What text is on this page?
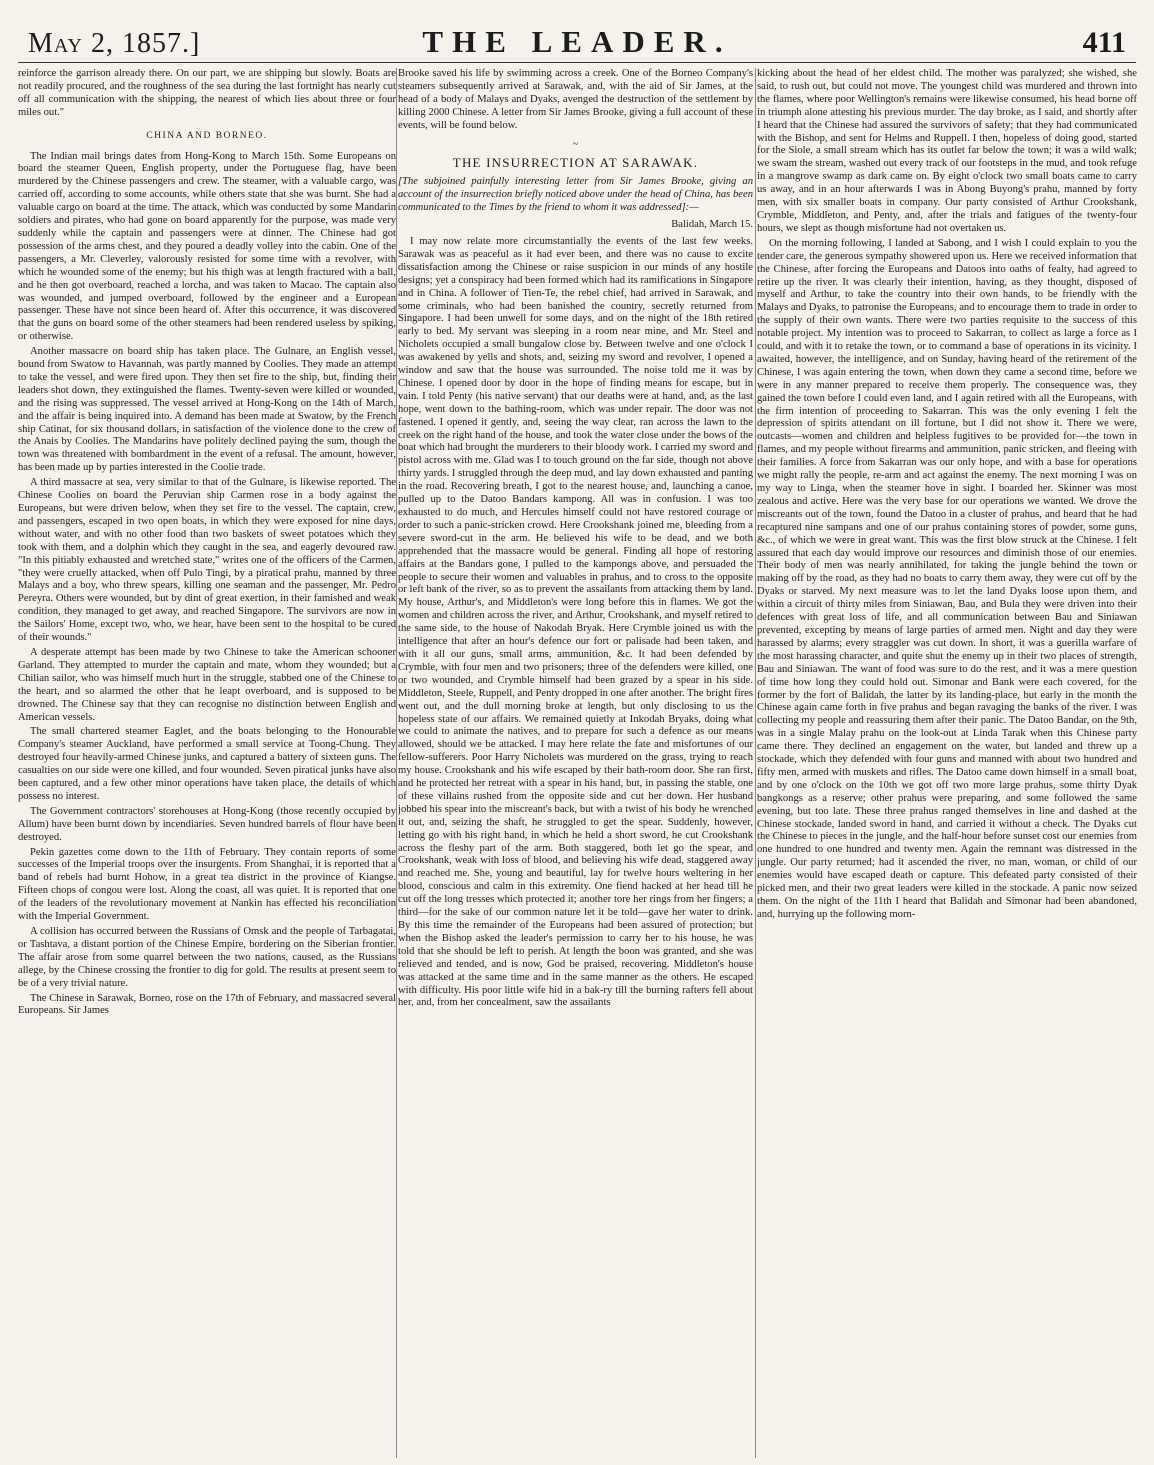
May 2, 1857.]	THE LEADER.	411

reinforce the garrison already there. On our part, we are shipping but slowly. Boats are not readily procured, and the roughness of the sea during the last fortnight has nearly cut off all communication with the shipping, the nearest of which lies about three or four miles out."

CHINA AND BORNEO.

The Indian mail brings dates from Hong-Kong to March 15th. Some Europeans on board the steamer Queen, English property, under the Portuguese flag, have been murdered by the Chinese passengers and crew. The steamer, with a valuable cargo, was carried off, according to some accounts, while others state that she was burnt. She had a valuable cargo on board at the time. The attack, which was conducted by some Mandarin soldiers and pirates, who had gone on board apparently for the purpose, was made very suddenly while the captain and passengers were at dinner. The Chinese had got possession of the arms chest, and they poured a deadly volley into the cabin. One of the passengers, a Mr. Cleverley, valorously resisted for some time with a revolver, with which he wounded some of the enemy; but his thigh was at length fractured with a ball, and he then got overboard, reached a lorcha, and was taken to Macao. The captain also was wounded, and jumped overboard, followed by the engineer and a European passenger. These have not since been heard of. After this occurrence, it was discovered that the guns on board some of the other steamers had been rendered useless by spiking, or otherwise.

Another massacre on board ship has taken place. The Gulnare, an English vessel, bound from Swatow to Havannah, was partly manned by Coolies. They made an attempt to take the vessel, and were fired upon. They then set fire to the ship, but, finding their leaders shot down, they extinguished the flames. Twenty-seven were killed or wounded, and the rising was suppressed. The vessel arrived at Hong-Kong on the 14th of March, and the affair is being inquired into. A demand has been made at Swatow, by the French ship Catinat, for six thousand dollars, in satisfaction of the violence done to the crew of the Anais by Coolies. The Mandarins have politely declined paying the sum, though the town was threatened with bombardment in the event of a refusal. The amount, however, has been made up by parties interested in the Coolie trade.

A third massacre at sea, very similar to that of the Gulnare, is likewise reported. The Chinese Coolies on board the Peruvian ship Carmen rose in a body against the Europeans, but were driven below, when they set fire to the vessel. The captain, crew, and passengers, escaped in two open boats, in which they were exposed for nine days, without water, and with no other food than two baskets of sweet potatoes which they took with them, and a dolphin which they caught in the sea, and eagerly devoured raw. "In this pitiably exhausted and wretched state," writes one of the officers of the Carmen, "they were cruelly attacked, when off Pulo Tingi, by a piratical prahu, manned by three Malays and a boy, who threw spears, killing one seaman and the passenger, Mr. Pedro Pereyra. Others were wounded, but by dint of great exertion, in their famished and weak condition, they managed to get away, and reached Singapore. The survivors are now in the Sailors' Home, except two, who, we hear, have been sent to the hospital to be cured of their wounds."

A desperate attempt has been made by two Chinese to take the American schooner Garland. They attempted to murder the captain and mate, whom they wounded; but a Chilian sailor, who was himself much hurt in the struggle, stabbed one of the Chinese to the heart, and so alarmed the other that he leapt overboard, and is supposed to be drowned. The Chinese say that they can recognise no distinction between English and American vessels.

The small chartered steamer Eaglet, and the boats belonging to the Honourable Company's steamer Auckland, have performed a small service at Toong-Chung. They destroyed four heavily-armed Chinese junks, and captured a battery of sixteen guns. The casualties on our side were one killed, and four wounded. Seven piratical junks have also been captured, and a few other minor operations have taken place, the details of which possess no interest.

The Government contractors' storehouses at Hong-Kong (those recently occupied by Allum) have been burnt down by incendiaries. Seven hundred barrels of flour have been destroyed.

Pekin gazettes come down to the 11th of February. They contain reports of some successes of the Imperial troops over the insurgents. From Shanghai, it is reported that a band of rebels had burnt Hohow, in a great tea district in the province of Kiangse. Fifteen chops of congou were lost. Along the coast, all was quiet. It is reported that one of the leaders of the revolutionary movement at Nankin has effected his reconciliation with the Imperial Government.

A collision has occurred between the Russians of Omsk and the people of Tarbagatai, or Tashtava, a distant portion of the Chinese Empire, bordering on the Siberian frontier. The affair arose from some quarrel between the two nations, caused, as the Russians allege, by the Chinese crossing the frontier to dig for gold. The results at present seem to be of a very trivial nature.

The Chinese in Sarawak, Borneo, rose on the 17th of February, and massacred several Europeans. Sir James

Brooke saved his life by swimming across a creek. One of the Borneo Company's steamers subsequently arrived at Sarawak, and, with the aid of Sir James, at the head of a body of Malays and Dyaks, avenged the destruction of the settlement by killing 2000 Chinese. A letter from Sir James Brooke, giving a full account of these events, will be found below.

~
THE INSURRECTION AT SARAWAK.

[The subjoined painfully interesting letter from Sir James Brooke, giving an account of the insurrection briefly noticed above under the head of China, has been communicated to the Times by the friend to whom it was addressed]:—

Balidah, March 15.

I may now relate more circumstantially the events of the last few weeks. Sarawak was as peaceful as it had ever been, and there was no cause to excite dissatisfaction among the Chinese or raise suspicion in our minds of any hostile designs; yet a conspiracy had been formed which had its ramifications in Singapore and in China. A follower of Tien-Te, the rebel chief, had arrived in Sarawak, and some criminals, who had been banished the country, secretly returned from Singapore. I had been unwell for some days, and on the night of the 18th retired early to bed. My servant was sleeping in a room near mine, and Mr. Steel and Nicholets occupied a small bungalow close by. Between twelve and one o'clock I was awakened by yells and shots, and, seizing my sword and revolver, I opened a window and saw that the house was surrounded. The noise told me it was by Chinese. I opened door by door in the hope of finding means for escape, but in vain. I told Penty (his native servant) that our deaths were at hand, and, as the last hope, went down to the bathing-room, which was under repair. The door was not fastened. I opened it gently, and, seeing the way clear, ran across the lawn to the creek on the right hand of the house, and took the water close under the bows of the boat which had brought the murderers to their bloody work. I carried my sword and pistol across with me. Glad was I to touch ground on the far side, though not above thirty yards. I struggled through the deep mud, and lay down exhausted and panting in the road. Recovering breath, I got to the nearest house, and, launching a canoe, pulled up to the Datoo Bandars kampong. All was in confusion. I was too exhausted to do much, and Hercules himself could not have restored courage or order to such a panic-stricken crowd. Here Crookshank joined me, bleeding from a severe sword-cut in the arm. He believed his wife to be dead, and we both apprehended that the massacre would be general. Finding all hope of restoring affairs at the Bandars gone, I pulled to the kampongs above, and persuaded the people to secure their women and valuables in prahus, and to cross to the opposite or left bank of the river, so as to prevent the assailants from attacking them by land. My house, Arthur's, and Middleton's were long before this in flames. We got the women and children across the river, and Arthur, Crookshank, and myself retired to the same side, to the house of Nakodah Bryak. Here Crymble joined us with the intelligence that after an hour's defence our fort or palisade had been taken, and with it all our guns, small arms, ammunition, &c. It had been defended by Crymble, with four men and two prisoners; three of the defenders were killed, one or two wounded, and Crymble himself had been grazed by a spear in his side. Middleton, Steele, Ruppell, and Penty dropped in one after another. The bright fires went out, and the dull morning broke at length, but only disclosing to us the hopeless state of our affairs. We remained quietly at Inkodah Bryaks, doing what we could to animate the natives, and to prepare for such a defence as our means allowed, should we be attacked. I may here relate the fate and misfortunes of our fellow-sufferers. Poor Harry Nicholets was murdered on the grass, trying to reach my house. Crookshank and his wife escaped by their bath-room door. She ran first, and he protected her retreat with a spear in his hand, but, in passing the stable, one of these villains rushed from the opposite side and cut her down. Her husband jobbed his spear into the miscreant's back, but with a twist of his body he wrenched it out, and, seizing the shaft, he struggled to get the spear. Suddenly, however, letting go with his right hand, in which he held a short sword, he cut Crookshank across the fleshy part of the arm. Both staggered, both let go the spear, and Crookshank, weak with loss of blood, and believing his wife dead, staggered away and reached me. She, young and beautiful, lay for twelve hours weltering in her blood, conscious and calm in this extremity. One fiend hacked at her head till he cut off the long tresses which protected it; another tore her rings from her fingers; a third—for the sake of our common nature let it be told—gave her water to drink. By this time the remainder of the Europeans had been assured of protection; but when the Bishop asked the leader's permission to carry her to his house, he was told that she should be left to perish. At length the boon was granted, and she was relieved and tended, and is now, God be praised, recovering. Middleton's house was attacked at the same time and in the same manner as the others. He escaped with difficulty. His poor little wife hid in a bak-ry till the burning rafters fell about her, and, from her concealment, saw the assailants

kicking about the head of her eldest child. The mother was paralyzed; she wished, she said, to rush out, but could not move. The youngest child was murdered and thrown into the flames, where poor Wellington's remains were likewise consumed, his head borne off in triumph alone attesting his previous murder. The day broke, as I said, and shortly after I heard that the Chinese had assured the survivors of safety; that they had communicated with the Bishop, and sent for Helms and Ruppell. I then, hopeless of doing good, started for the Siole, a small stream which has its outlet far below the town; it was a wild walk; we swam the stream, washed out every track of our footsteps in the mud, and took refuge in a mangrove swamp as dark came on. By eight o'clock two small boats came to carry us away, and in an hour afterwards I was in Abong Buyong's prahu, manned by forty men, with six smaller boats in company. Our party consisted of Arthur Crookshank, Crymble, Middleton, and Penty, and, after the trials and fatigues of the twenty-four hours, we slept as though misfortune had not overtaken us.

On the morning following, I landed at Sabong, and I wish I could explain to you the tender care, the generous sympathy showered upon us. Here we received information that the Chinese, after forcing the Europeans and Datoos into oaths of fealty, had agreed to retire up the river. It was clearly their intention, having, as they thought, disposed of myself and Arthur, to take the country into their own hands, to be friendly with the Malays and Dyaks, to patronise the Europeans, and to encourage them to trade in order to the supply of their own wants. There were two parties requisite to the success of this notable project. My intention was to proceed to Sakarran, to collect as large a force as I could, and with it to retake the town, or to command a base of operations in its vicinity. I awaited, however, the intelligence, and on Sunday, having heard of the retirement of the Chinese, I was again entering the town, when down they came a second time, before we were in any manner prepared to receive them properly. The consequence was, they gained the town before I could even land, and I again retired with all the Europeans, with the firm intention of proceeding to Sakarran. This was the only evening I felt the depression of spirits attendant on ill fortune, but I did not show it. There we were, outcasts—women and children and helpless fugitives to be provided for—the town in flames, and my people without firearms and ammunition, panic stricken, and fleeing with their families. A force from Sakarran was our only hope, and with a base for operations we might rally the people, re-arm and act against the enemy. The next morning I was on my way to Linga, when the steamer hove in sight. I boarded her. Skinner was most zealous and active. Here was the very base for our operations we wanted. We drove the miscreants out of the town, found the Datoo in a cluster of prahus, and heard that he had recaptured nine sampans and one of our prahus containing stores of powder, some guns, &c., of which we were in great want. This was the first blow struck at the Chinese. I felt assured that each day would improve our resources and diminish those of our enemies. Their body of men was nearly annihilated, for taking the jungle behind the town or making off by the road, as they had no boats to carry them away, they were cut off by the Dyaks or starved. My next measure was to let the land Dyaks loose upon them, and within a circuit of thirty miles from Siniawan, Bau, and Bula they were driven into their defences with great loss of life, and all communication between Bau and Siniawan prevented, excepting by means of large parties of armed men. Night and day they were harassed by alarms; every straggler was cut down. In short, it was a guerilla warfare of the most harassing character, and quite shut the enemy up in their two places of strength, Bau and Siniawan. The want of food was sure to do the rest, and it was a mere question of time how long they could hold out. Simonar and Bank were each covered, for the former by the fort of Balidah, the latter by its landing-place, but early in the month the Chinese again came forth in five prahus and began ravaging the banks of the river. I was collecting my people and reassuring them after their panic. The Datoo Bandar, on the 9th, was in a single Malay prahu on the look-out at Linda Tarak when this Chinese party came there. They declined an engagement on the water, but landed and threw up a stockade, which they defended with four guns and manned with about two hundred and fifty men, armed with muskets and rifles. The Datoo came down himself in a small boat, and by one o'clock on the 10th we got off two more large prahus, some thirty Dyak bangkongs as a reserve; other prahus were preparing, and some followed the same evening, but too late. These three prahus ranged themselves in line and dashed at the Chinese stockade, landed sword in hand, and carried it without a check. The Dyaks cut the Chinese to pieces in the jungle, and the half-hour before sunset cost our enemies from one hundred to one hundred and twenty men. Again the remnant was distressed in the jungle. Our party returned; had it ascended the river, no man, woman, or child of our enemies would have escaped death or capture. This defeated party consisted of their picked men, and their two great leaders were killed in the stockade. A panic now seized them. On the night of the 11th I heard that Balidah and Simonar had been abandoned, and, hurrying up the following morn-
